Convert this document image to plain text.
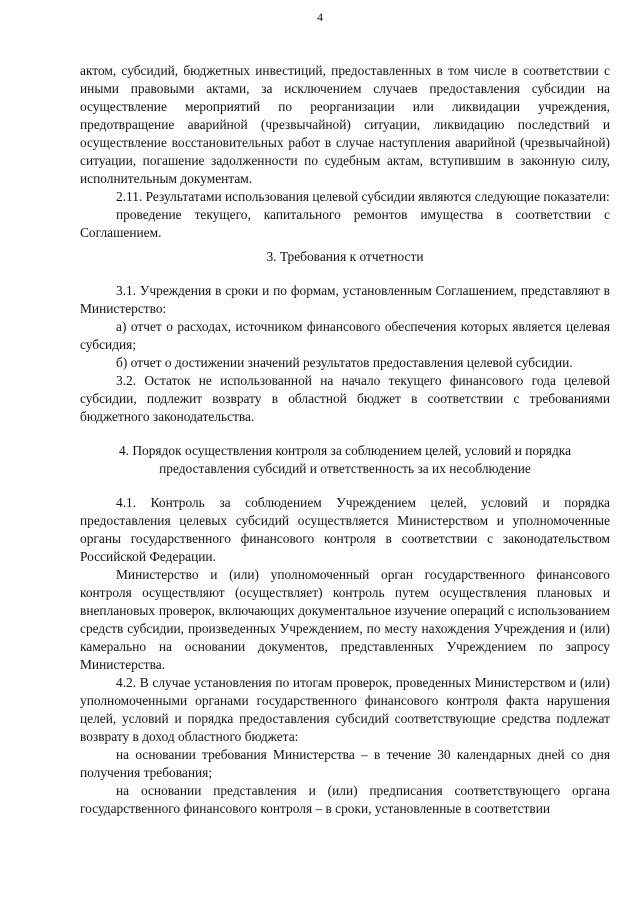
4

актом, субсидий, бюджетных инвестиций, предоставленных в том числе в соответствии с иными правовыми актами, за исключением случаев предоставления субсидии на осуществление мероприятий по реорганизации или ликвидации учреждения, предотвращение аварийной (чрезвычайной) ситуации, ликвидацию последствий и осуществление восстановительных работ в случае наступления аварийной (чрезвычайной) ситуации, погашение задолженности по судебным актам, вступившим в законную силу, исполнительным документам.

2.11. Результатами использования целевой субсидии являются следующие показатели:

проведение текущего, капитального ремонтов имущества в соответствии с Соглашением.

3. Требования к отчетности

3.1. Учреждения в сроки и по формам, установленным Соглашением, представляют в Министерство:

а) отчет о расходах, источником финансового обеспечения которых является целевая субсидия;

б) отчет о достижении значений результатов предоставления целевой субсидии.

3.2. Остаток не использованной на начало текущего финансового года целевой субсидии, подлежит возврату в областной бюджет в соответствии с требованиями бюджетного законодательства.

4. Порядок осуществления контроля за соблюдением целей, условий и порядка предоставления субсидий и ответственность за их несоблюдение

4.1. Контроль за соблюдением Учреждением целей, условий и порядка предоставления целевых субсидий осуществляется Министерством и уполномоченные органы государственного финансового контроля в соответствии с законодательством Российской Федерации.

Министерство и (или) уполномоченный орган государственного финансового контроля осуществляют (осуществляет) контроль путем осуществления плановых и внеплановых проверок, включающих документальное изучение операций с использованием средств субсидии, произведенных Учреждением, по месту нахождения Учреждения и (или) камерально на основании документов, представленных Учреждением по запросу Министерства.

4.2. В случае установления по итогам проверок, проведенных Министерством и (или) уполномоченными органами государственного финансового контроля факта нарушения целей, условий и порядка предоставления субсидий соответствующие средства подлежат возврату в доход областного бюджета:

на основании требования Министерства – в течение 30 календарных дней со дня получения требования;

на основании представления и (или) предписания соответствующего органа государственного финансового контроля – в сроки, установленные в соответствии
